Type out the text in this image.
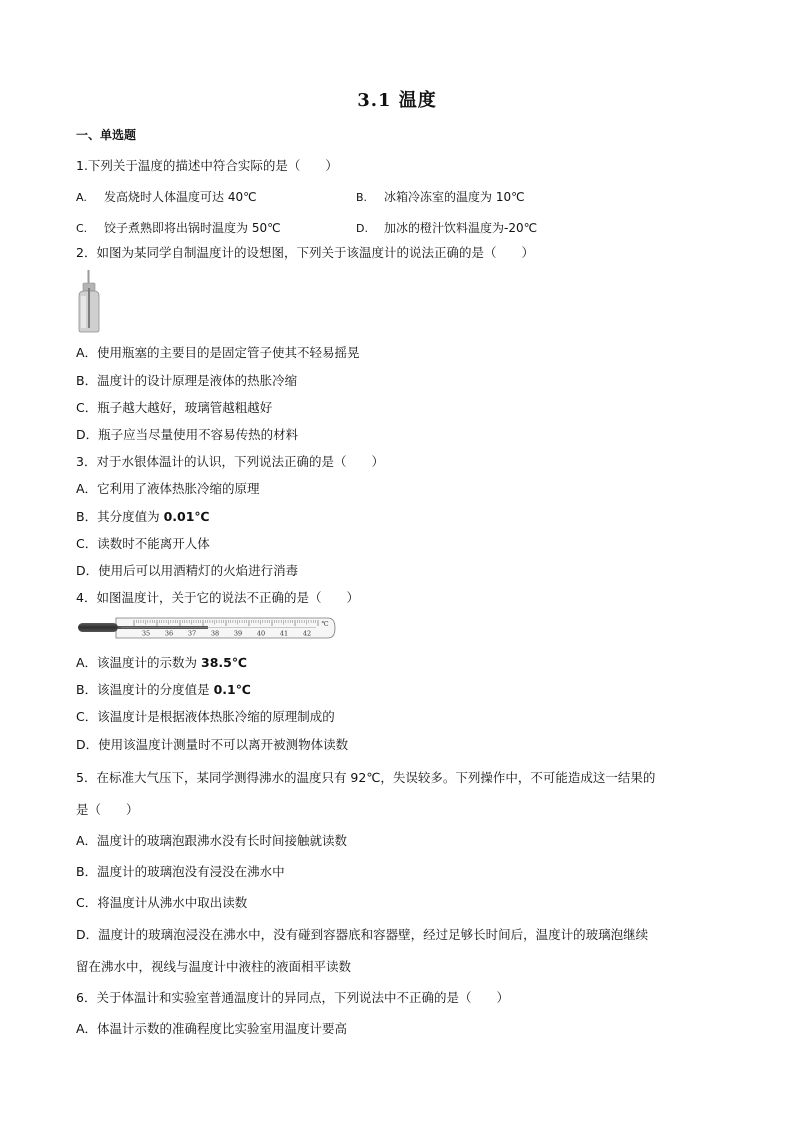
3.1 温度
一、单选题
1.下列关于温度的描述中符合实际的是（　　）
A. 发高烧时人体温度可达 40℃	B. 冰箱冷冻室的温度为 10℃
C. 饺子煮熟即将出锅时温度为 50℃	D. 加冰的橙汁饮料温度为-20℃
2．如图为某同学自制温度计的设想图，下列关于该温度计的说法正确的是（　　）
A．使用瓶塞的主要目的是固定管子使其不轻易摇晃
B．温度计的设计原理是液体的热胀冷缩
C．瓶子越大越好，玻璃管越粗越好
D．瓶子应当尽量使用不容易传热的材料
3．对于水银体温计的认识，下列说法正确的是（　　）
A．它利用了液体热胀冷缩的原理
B．其分度值为 0.01℃
C．读数时不能离开人体
D．使用后可以用酒精灯的火焰进行消毒
4．如图温度计，关于它的说法不正确的是（　　）
35 36 37 38 39 40 41 42
℃
A．该温度计的示数为 38.5℃
B．该温度计的分度值是 0.1℃
C．该温度计是根据液体热胀冷缩的原理制成的
D．使用该温度计测量时不可以离开被测物体读数
5．在标准大气压下，某同学测得沸水的温度只有 92℃，失误较多。下列操作中，不可能造成这一结果的
是（　　）
A．温度计的玻璃泡跟沸水没有长时间接触就读数
B．温度计的玻璃泡没有浸没在沸水中
C．将温度计从沸水中取出读数
D．温度计的玻璃泡浸没在沸水中，没有碰到容器底和容器壁，经过足够长时间后，温度计的玻璃泡继续
留在沸水中，视线与温度计中液柱的液面相平读数
6．关于体温计和实验室普通温度计的异同点，下列说法中不正确的是（　　）
A．体温计示数的准确程度比实验室用温度计要高
